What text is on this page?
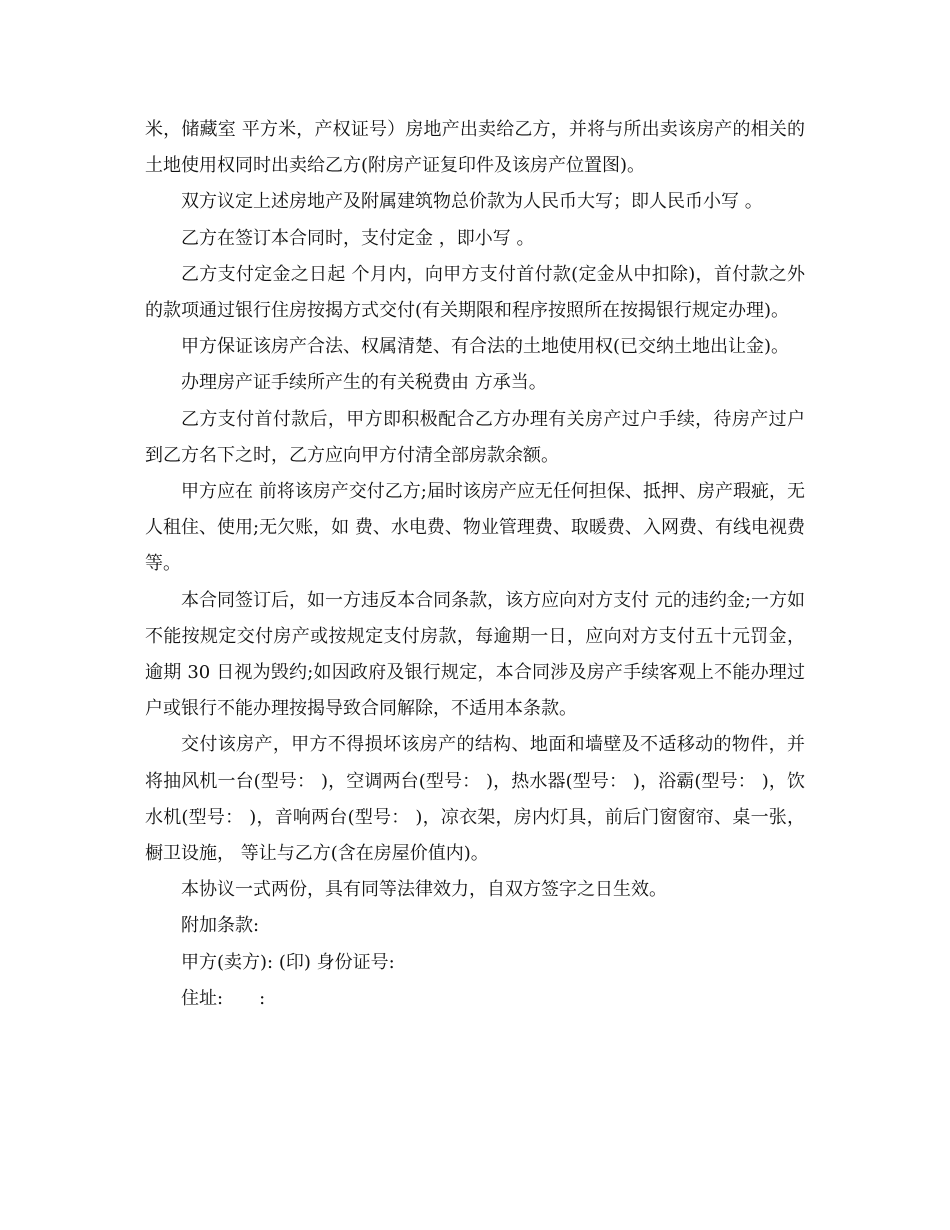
米，储藏室 平方米，产权证号）房地产出卖给乙方，并将与所出卖该房产的相关的土地使用权同时出卖给乙方(附房产证复印件及该房产位置图)。

双方议定上述房地产及附属建筑物总价款为人民币大写；即人民币小写 。

乙方在签订本合同时，支付定金 ，即小写 。

乙方支付定金之日起 个月内，向甲方支付首付款(定金从中扣除)，首付款之外的款项通过银行住房按揭方式交付(有关期限和程序按照所在按揭银行规定办理)。

甲方保证该房产合法、权属清楚、有合法的土地使用权(已交纳土地出让金)。

办理房产证手续所产生的有关税费由 方承当。

乙方支付首付款后，甲方即积极配合乙方办理有关房产过户手续，待房产过户到乙方名下之时，乙方应向甲方付清全部房款余额。

甲方应在 前将该房产交付乙方;届时该房产应无任何担保、抵押、房产瑕疵，无人租住、使用;无欠账，如 费、水电费、物业管理费、取暖费、入网费、有线电视费等。

本合同签订后，如一方违反本合同条款，该方应向对方支付 元的违约金;一方如不能按规定交付房产或按规定支付房款，每逾期一日，应向对方支付五十元罚金，逾期 30 日视为毁约;如因政府及银行规定，本合同涉及房产手续客观上不能办理过户或银行不能办理按揭导致合同解除，不适用本条款。

交付该房产，甲方不得损坏该房产的结构、地面和墙壁及不适移动的物件，并将抽风机一台(型号： )，空调两台(型号： )，热水器(型号： )，浴霸(型号： )，饮水机(型号： )，音响两台(型号： )，凉衣架，房内灯具，前后门窗窗帘、桌一张，橱卫设施， 等让与乙方(含在房屋价值内)。

本协议一式两份，具有同等法律效力，自双方签字之日生效。

附加条款:

甲方(卖方): (印) 身份证号:

住址:　　:
